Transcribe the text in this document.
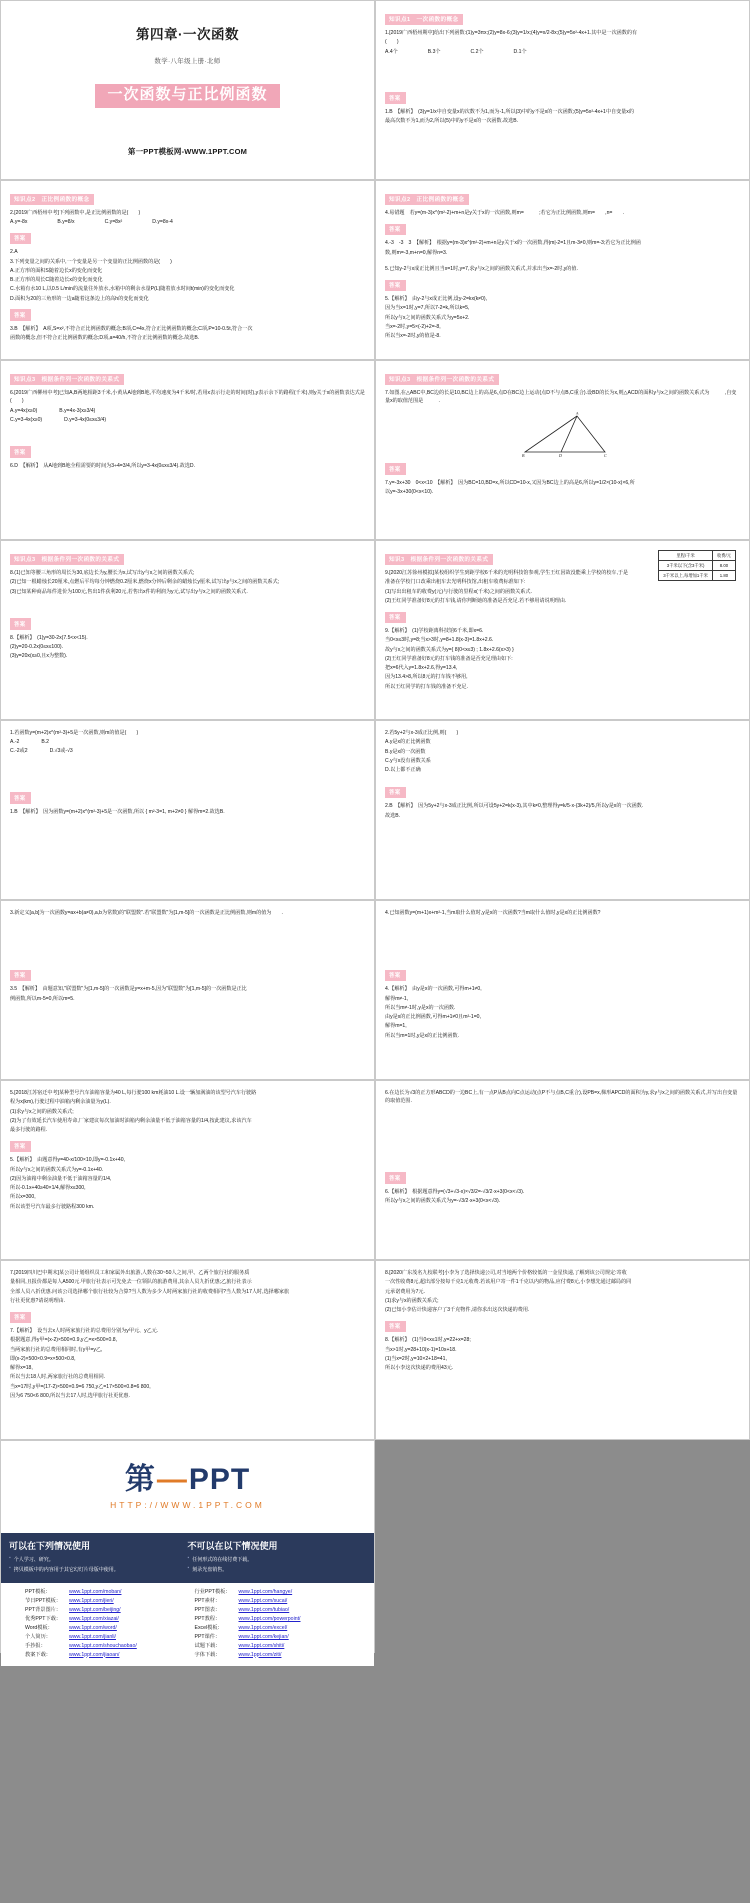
第四章·一次函数
数学·八年级上册·北师
一次函数与正比例函数
第一PPT模板网-WWW.1PPT.COM
知识点1　一次函数的概念
1.[2019广西梧州期中]给出下列函数:(1)y=3πx;(2)y=8x-6;(3)y=1/x;(4)y=x/2-8x;(5)y=5x²-4x+1.其中是一次函数的有
(　　)
A.4个	B.3个	C.2个	D.1个
答案
1.B　【解析】　(3)y=1/x中自变量x的次数不为1,而为-1,所以(3)中的y不是x的一次函数;(5)y=5x²-4x+1中自变量x的
最高次数不为1,而为2,所以(5)中的y不是x的一次函数.故选B.
知识点2　正比例函数的概念
2.[2019广西梧州中考]下列函数中,是正比例函数的是(　　)
A.y=-8x	B.y=8/x	C.y=8x²	D.y=8x-4
答案
2.A
3.下列变量之间的关系中,一个变量是另一个变量的正比例函数的是(　　)
A.正方形的面积S随着边长x的变化而变化
B.正方形的周长C随着边长x的变化而变化
C.水箱有水10 L,以0.5 L/min的流量往外放水,水箱中的剩余水量P(L)随着放水时间t(min)的变化而变化
D.面积为20的三角形的一边a随着这条边上的高h的变化而变化
答案
3.B　【解析】　A项,S=x²,不符合正比例函数的概念;B项,C=4x,符合正比例函数的概念;C项,P=10-0.5t,符合一次
函数的概念,但不符合正比例函数的概念;D项,a=40/h,不符合正比例函数的概念.故选B.
知识点2　正比例函数的概念
4.易错题　若y=(m-3)x^(m²-2)+m+n是y关于x的一次函数,则m=　　　;若它为正比例函数,则m=　　,n=　　.
答案
4.-3　-3　3　【解析】　根据y=(m-3)x^(m²-2)+m+n是y关于x的一次函数,得|m|-2=1且m-3≠0,则m=-3;若它为正比例函
数,则m=-3,m+n=0,解得n=3.
5.已知y-2与x成正比例且当x=1时,y=7,求y与x之间的函数关系式,并求出当x=-2时,y的值.
答案
5.【解析】　由y-2与x成正比例,设y-2=kx(k≠0),
因为当x=1时,y=7,所以7-2=k,所以k=5,
所以y与x之间的函数关系式为y=5x+2.
当x=-2时,y=5×(-2)+2=-8,
所以当x=-2时,y的值是-8.
知识点3　根据条件列一次函数的关系式
6.[2019广西柳州中考]已知A,B两地相距3千米,小黄从A地到B地,平均速度为4千米/时,若用x表示行走的时间(时),y表示余下的路程(千米),则y关于x的函数表达式是(　　)
A.y=4x(x≥0)	B.y=4x-3(x≥3/4)
C.y=3-4x(x≥0)	D.y=3-4x(0≤x≤3/4)
答案
6.D　【解析】　从A地到B地全程需要的时间为3÷4=3/4,所以y=3-4x(0≤x≤3/4).故选D.
知识点3　根据条件列一次函数的关系式
7.如图,在△ABC中,BC边的长是10,BC边上的高是6,点D在BC边上运动(点D不与点B,C重合).设BD的长为x,则△ACD的面积y与x之间的函数关系式为　　　,自变量x的取值范围是　　　.
A
B	D	C
答案
7.y=-3x+30　0<x<10　【解析】　因为BC=10,BD=x,所以CD=10-x,又因为BC边上的高是6,所以y=1/2×(10-x)×6,所
以y=-3x+30(0<x<10).
知识点3　根据条件列一次函数的关系式
8.(1)已知等腰三角形的周长为30,底边长为y,腰长为x,试写出y与x之间的函数关系式;
(2)已知一根蜡烛长20厘米,点燃后平均每分钟燃烧0.2厘米,燃烧x分钟后剩余的蜡烛长y厘米,试写出y与x之间的函数关系式;
(3)已知某种商品每件进价为100元,售出1件获利20元,若售出x件的利润为y元,试写出y与x之间的函数关系式.
答案
8.【解析】　(1)y=30-2x(7.5<x<15).
(2)y=20-0.2x(0≤x≤100).
(3)y=20x(x≥0,且x为整数).
知识3　根据条件列一次函数的关系式
里程/千米	收费/元
3千米以下(含3千米)	8.00
3千米以上,每增加1千米	1.80
9.[2020江苏徐州模拟]某校组织学生到距学校6千米的光明科技馆参观,学生王红因故没能乘上学校的校车,于是
准备在学校门口改乘出租车去光明科技馆,出租车收费标准如下:
(1)写出出租车的收费y(元)与行驶的里程x(千米)之间的函数关系式.
(2)王红同学准备好8元的打车钱,请你判断她的准备是否充足.若不够用请说明理由.
答案
9.【解析】　(1)学校距离科技馆6千米,即x=6.
当0<x≤3时,y=8;当x>3时,y=8+1.8(x-3)=1.8x+2.6.
故y与x之间的函数关系式为y={ 8(0<x≤3) ; 1.8x+2.6(x>3) }
(2)王红同学准备好8元的打车钱的准备是否充足理由如下:
把x=6代入y=1.8x+2.6,得y=13.4,
因为13.4>8,所以8元的打车钱不够用,
所以王红同学的打车钱的准备不充足.
1.若函数y=(m+2)x^(m²-3)+5是一次函数,则m的值是(　　)
A.-2	B.2
C.-2或2	D.√3或-√3
答案
1.B　【解析】　因为函数y=(m+2)x^(m²-3)+5是一次函数,所以 { m²-3=1, m+2≠0 } 解得m=2.故选B.
2.若5y+2与x-3成正比例,则(　　)
A.y是x的正比例函数
B.y是x的一次函数
C.y与x没有函数关系
D.以上都不正确
答案
2.B　【解析】　因为5y+2与x-3成正比例,所以可设5y+2=k(x-3),其中k≠0,整理得y=k/5·x-(3k+2)/5,所以y是x的一次函数.
故选B.
3.新定义[a,b]为一次函数y=ax+b(a≠0),a,b为常数)的"联盟数".若"联盟数"为[1,m-5]的一次函数是正比例函数,则m的值为　　.
答案
3.5　【解析】　由题意知,"联盟数"为[1,m-5]的一次函数是y=x+m-5,因为"联盟数"为[1,m-5]的一次函数是正比
例函数,所以m-5=0,所以m=5.
4.已知函数y=(m+1)x+m²-1,当m取什么值时,y是x的一次函数?当m取什么值时,y是x的正比例函数?
答案
4.【解析】　由y是x的一次函数,可得m+1≠0,
解得m≠-1,
所以当m≠-1时,y是x的一次函数.
由y是x的正比例函数,可得m+1≠0且m²-1=0,
解得m=1,
所以当m=1时,y是x的正比例函数.
5.[2018江苏宿迁中考]某种型号汽车油箱容量为40 L,每行驶100 km耗油10 L.设一辆加满油的该型号汽车行驶路
程为x(km),行驶过程中油箱内剩余油量为y(L).
(1)求y与x之间的函数关系式;
(2)为了有效延长汽车使用寿命,厂家建议每次加油时油箱内剩余油量不低于油箱容量的1/4,按此建议,求该汽车
最多行驶的路程.
答案
5.【解析】　由题意得y=40-x/100×10,即y=-0.1x+40,
所以y与x之间的函数关系式为y=-0.1x+40.
(2)因为油箱中剩余油量不低于油箱容量的1/4,
所以-0.1x+40≥40×1/4,解得x≤300,
所以x=300,
所以该型号汽车最多行驶路程300 km.
6.在边长为√3的正方形ABCD的一边BC上,有一点P从B点向C点运动(点P不与点B,C重合),设PB=x,梯形APCD的面积为y,求y与x之间的函数关系式,并写出自变量的取值范围.
答案
6.【解析】　根据题意得y=(√3+√3-x)×√3/2=-√3/2·x+3(0<x<√3).
所以y与x之间的函数关系式为y=-√3/2·x+3(0<x<√3).
7.[2019四川巴中期末]某公司计划组织员工和家属外出旅游,人数在30~50人之间,甲、乙两个旅行社的服务质
量相同,且报价都是每人A500元.甲旅行社表示可先免去一位领队的旅游费用,其余人员九折优惠;乙旅行社表示
全部人员八折优惠.问该公司选择哪个旅行社较为合算?当人数为多少人时两家旅行社的收费相同?当人数为17人时,选择哪家旅
行社更优惠?请说明理由.
答案
7.【解析】　设当去x人时两家旅行社的总费用分别为y甲元、y乙元.
根据题意,得y甲=(x-2)×500×0.9,y乙=x×500×0.8,
当两家旅行社的总费用相同时,有y甲=y乙,
即(x-2)×500×0.9=x×500×0.8,
解得x=18,
所以当去18人时,两家旅行社的总费用相同.
当x=17时,y甲=(17-2)×500×0.9=6 750,y乙=17×500×0.8=6 800,
因为6 750<6 800,所以当去17人时,选甲旅行社更优惠.
8.[2020广东茂名九校联考]小李为了选择快递公司,对当地两个价格较低的一金星快递,了解到该公司规定:寄收
一次性收费8元,超出部分按每千克1元收费.若该用户寄一件1千克以内的物品,应付费8元,小李想先通过邮局的同
元承诺费用为7元.
(1)求y与x的函数关系式;
(2)已知小李估计快递客户了3千克物件,请你求出这次快递的费用.
答案
8.【解析】　(1)当0<x≤1时,y=22+x=28;
当x>1时,y=28+10(x-1)=10x+18.
(1)当x=2时,y=10×2+18=41,
所以小李这次快递的费用43元.
第 — PPT
HTTP://WWW.1PPT.COM
可以在下列情况使用
▪ 个人学习、研究。
▪ 拷贝模板中的内容用于其它幻灯片母版中使用。
不可以在以下情况使用
▪ 任何形式的在线付费下载。
▪ 刻录光盘销售。
PPT模板：	www.1ppt.com/moban/
节日PPT模板：	www.1ppt.com/jieri/
PPT背景图片：	www.1ppt.com/beijing/
优秀PPT下载：	www.1ppt.com/xiazai/
Word模板：	www.1ppt.com/word/
个人简历：	www.1ppt.com/jianli/
手抄报：	www.1ppt.com/shouchaobao/
教案下载：	www.1ppt.com/jiaoan/
行业PPT模板：	www.1ppt.com/hangye/
PPT素材：	www.1ppt.com/sucai/
PPT图表：	www.1ppt.com/tubiao/
PPT教程：	www.1ppt.com/powerpoint/
Excel模板：	www.1ppt.com/excel/
PPT课件：	www.1ppt.com/kejian/
试题下载：	www.1ppt.com/shiti/
字体下载：	www.1ppt.com/ziti/
